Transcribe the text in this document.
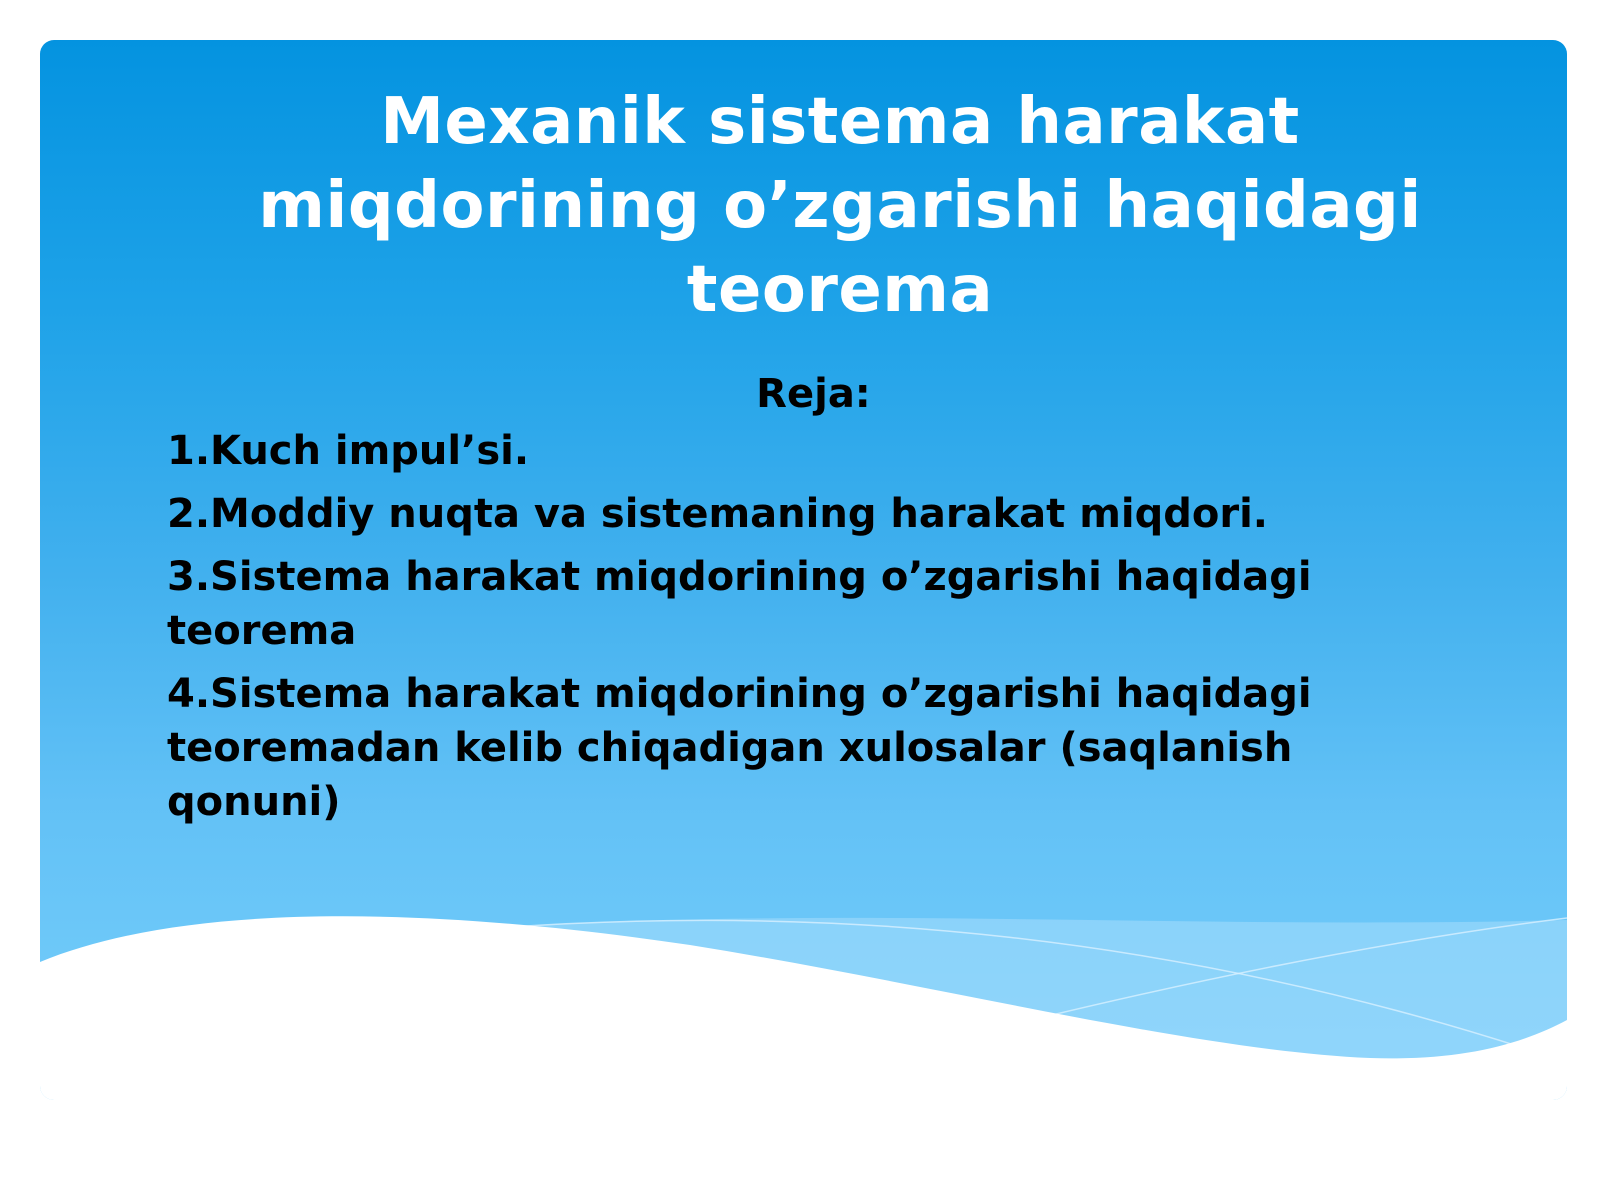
Mexanik sistema harakat miqdorining o’zgarishi haqidagi teorema
Reja:
1.Kuch impul’si.
2.Moddiy nuqta va sistemaning harakat miqdori.
3.Sistema harakat miqdorining o’zgarishi haqidagi teorema
4.Sistema harakat miqdorining o’zgarishi haqidagi teoremadan kelib chiqadigan xulosalar (saqlanish qonuni)
